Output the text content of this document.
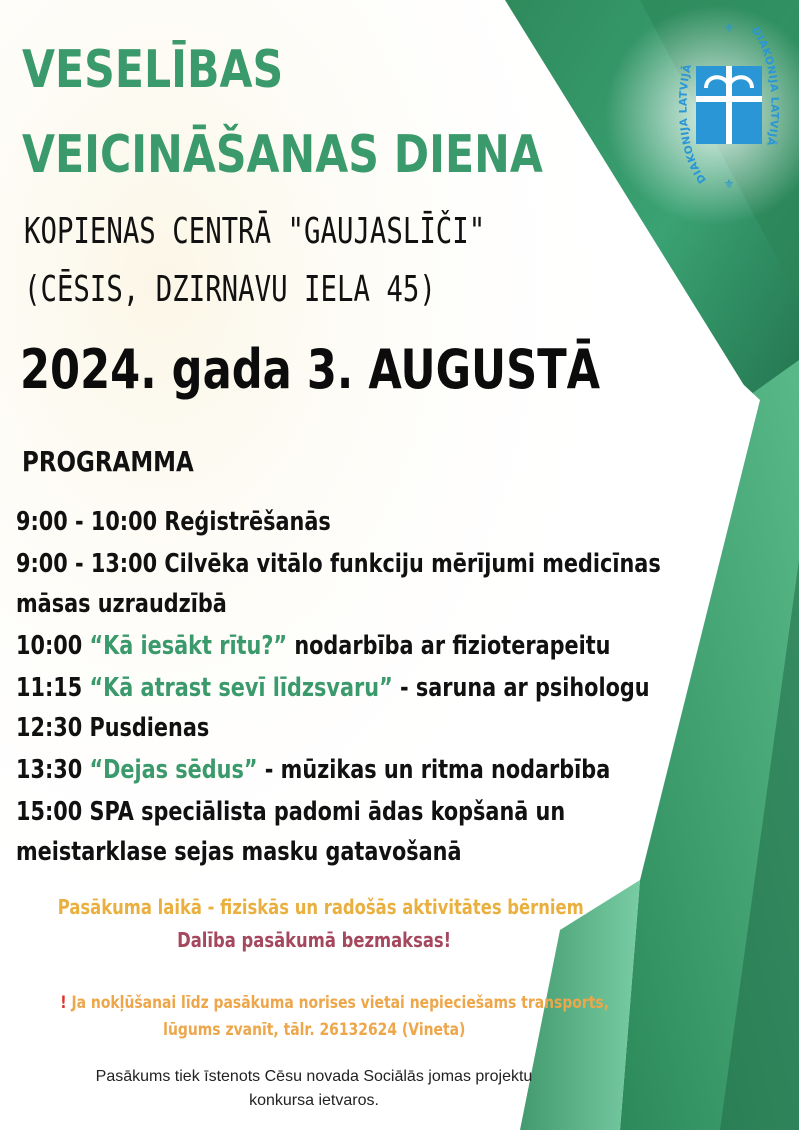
VESELĪBAS
VEICINĀŠANAS DIENA

KOPIENAS CENTRĀ "GAUJASLĪČI"

(CĒSIS, DZIRNAVU IELA 45)

2024. gada 3. AUGUSTĀ

PROGRAMMA

9:00 - 10:00 Reģistrēšanās

9:00 - 13:00 Cilvēka vitālo funkciju mērījumi medicīnas

māsas uzraudzībā

10:00 “Kā iesākt rītu?” nodarbība ar fizioterapeitu

11:15 “Kā atrast sevī līdzsvaru” - saruna ar psihologu

12:30 Pusdienas

13:30 “Dejas sēdus” - mūzikas un ritma nodarbība

15:00 SPA speciālista padomi ādas kopšanā un

meistarklase sejas masku gatavošanā

Pasākuma laikā - fiziskās un radošās aktivitātes bērniem

Dalība pasākumā bezmaksas!

! Ja nokļūšanai līdz pasākuma norises vietai nepieciešams transports,

lūgums zvanīt, tālr. 26132624 (Vineta)

Pasākums tiek īstenots Cēsu novada Sociālās jomas projektu

konkursa ietvaros.

DIAKONIJA LATVIJĀ
DIAKONIJA LATVIJĀ
⚜
⚜
